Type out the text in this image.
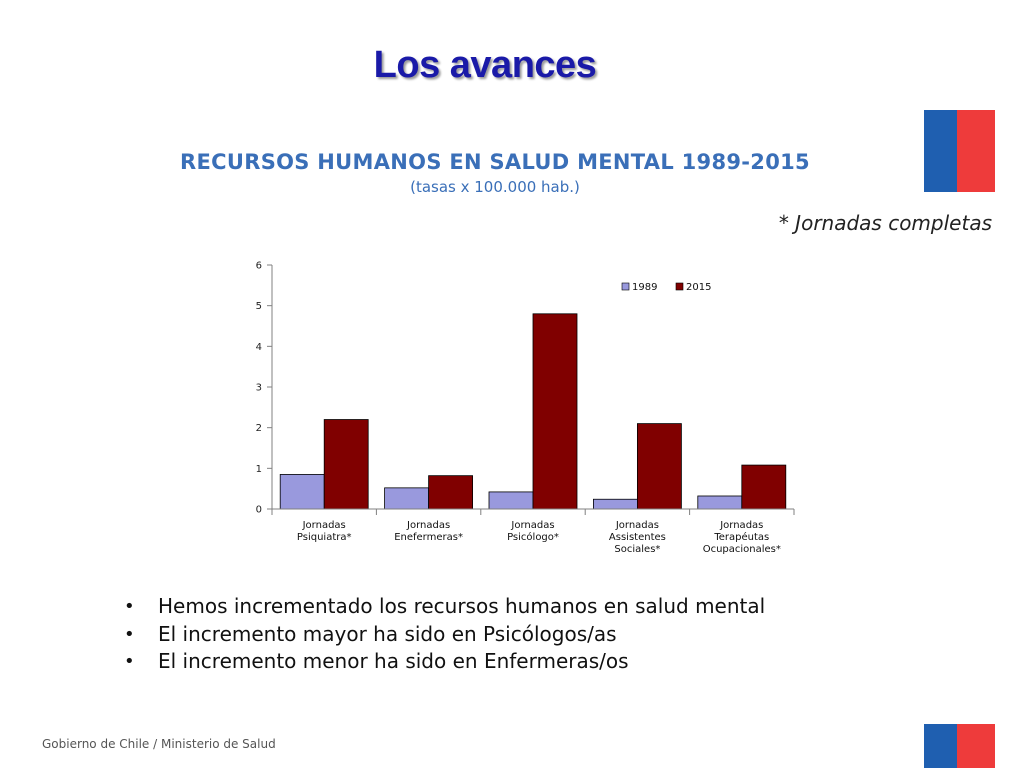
Los avances
RECURSOS HUMANOS EN SALUD MENTAL 1989-2015
(tasas x 100.000 hab.)
* Jornadas completas
0
1
2
3
4
5
6
Jornadas Psiquiatra*
Jornadas Enefermeras*
Jornadas Psicólogo*
Jornadas Assistentes Sociales*
Jornadas Terapéutas Ocupacionales*
1989	2015
• Hemos incrementado los recursos humanos en salud mental
• El incremento mayor ha sido en Psicólogos/as
• El incremento menor ha sido en Enfermeras/os
Gobierno de Chile / Ministerio de Salud
